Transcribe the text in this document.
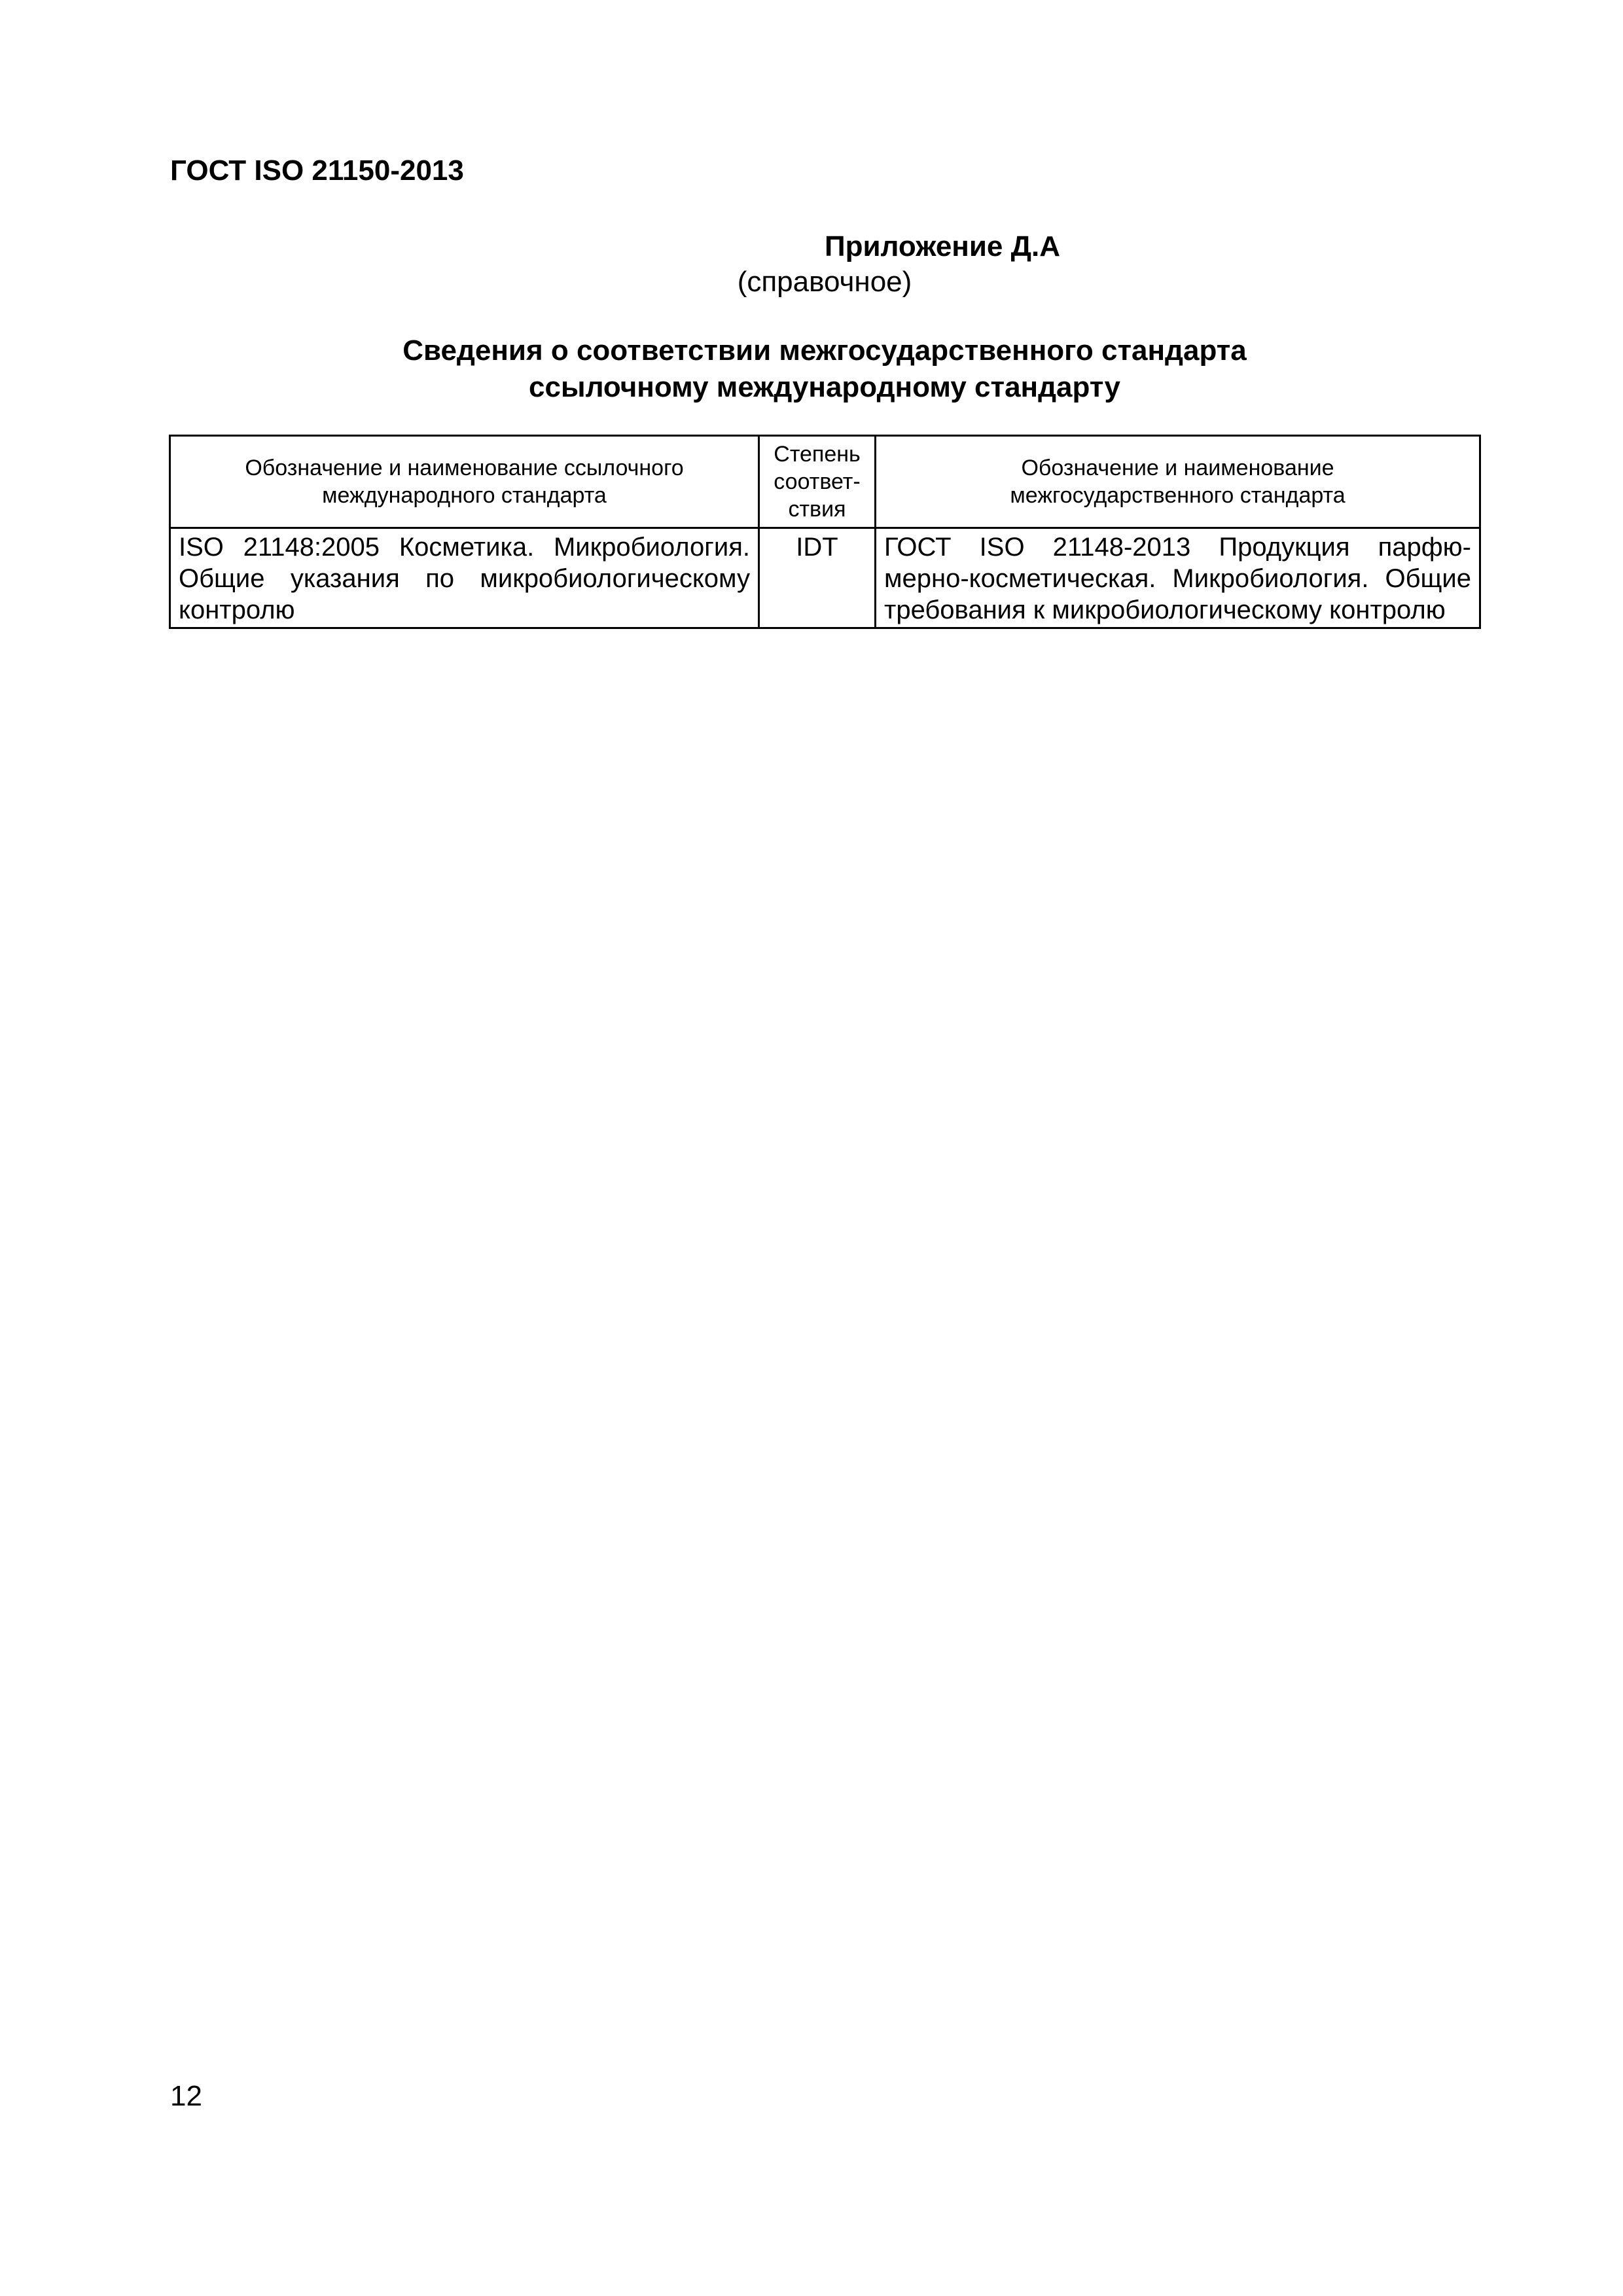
ГОСТ ISO 21150-2013
Приложение Д.А
(справочное)
Сведения о соответствии межгосударственного стандарта
ссылочному международному стандарту
Обозначение и наименование ссылочного международного стандарта	Степень соответ-ствия	Обозначение и наименование межгосударственного стандарта
ISO 21148:2005 Косметика. Микробиология. Общие указания по микробиологическому контролю	IDT	ГОСТ ISO 21148-2013 Продукция парфю-мерно-косметическая. Микробиология. Общие требования к микробиологическому контролю
12
